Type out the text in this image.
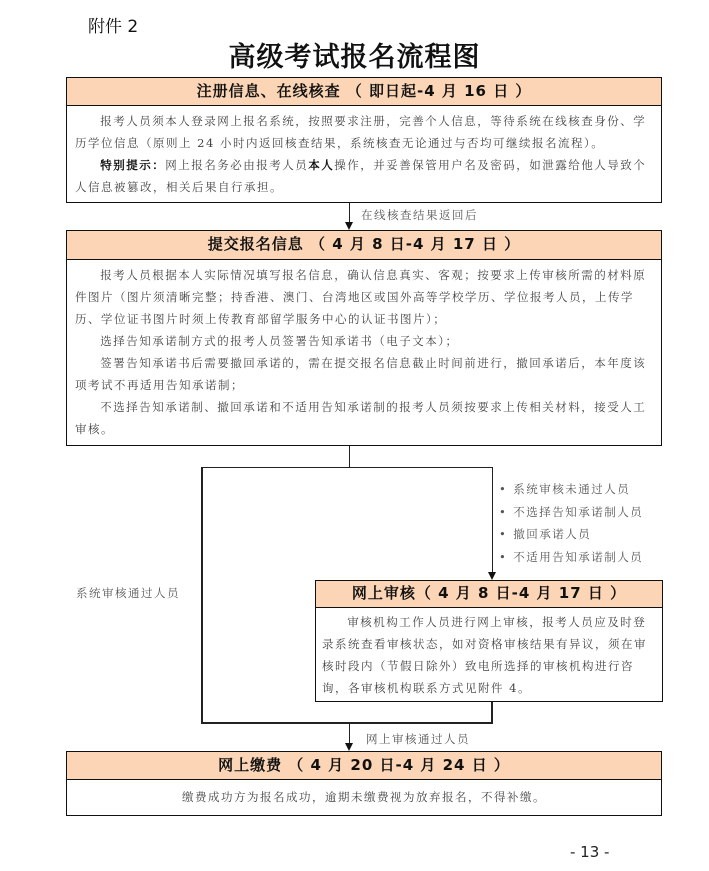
附件 2
高级考试报名流程图
注册信息、在线核查 （ 即日起-4 月 16 日 ）

报考人员须本人登录网上报名系统，按照要求注册，完善个人信息，等待系统在线核查身份、学历学位信息（原则上 24 小时内返回核查结果，系统核查无论通过与否均可继续报名流程）。

特别提示：网上报名务必由报考人员本人操作，并妥善保管用户名及密码，如泄露给他人导致个人信息被篡改，相关后果自行承担。

在线核查结果返回后
提交报名信息 （ 4 月 8 日-4 月 17 日 ）

报考人员根据本人实际情况填写报名信息，确认信息真实、客观；按要求上传审核所需的材料原件图片（图片须清晰完整；持香港、澳门、台湾地区或国外高等学校学历、学位报考人员，上传学历、学位证书图片时须上传教育部留学服务中心的认证书图片）；

选择告知承诺制方式的报考人员签署告知承诺书（电子文本）；

签署告知承诺书后需要撤回承诺的，需在提交报名信息截止时间前进行，撤回承诺后，本年度该项考试不再适用告知承诺制；

不选择告知承诺制、撤回承诺和不适用告知承诺制的报考人员须按要求上传相关材料，接受人工审核。

系统审核通过人员
• 系统审核未通过人员
• 不选择告知承诺制人员
• 撤回承诺人员
• 不适用告知承诺制人员
网上审核（ 4 月 8 日-4 月 17 日 ）

审核机构工作人员进行网上审核，报考人员应及时登录系统查看审核状态，如对资格审核结果有异议，须在审核时段内（节假日除外）致电所选择的审核机构进行咨询，各审核机构联系方式见附件 4。

网上审核通过人员
网上缴费 （ 4 月 20 日-4 月 24 日 ）

缴费成功方为报名成功，逾期未缴费视为放弃报名，不得补缴。

- 13 -
